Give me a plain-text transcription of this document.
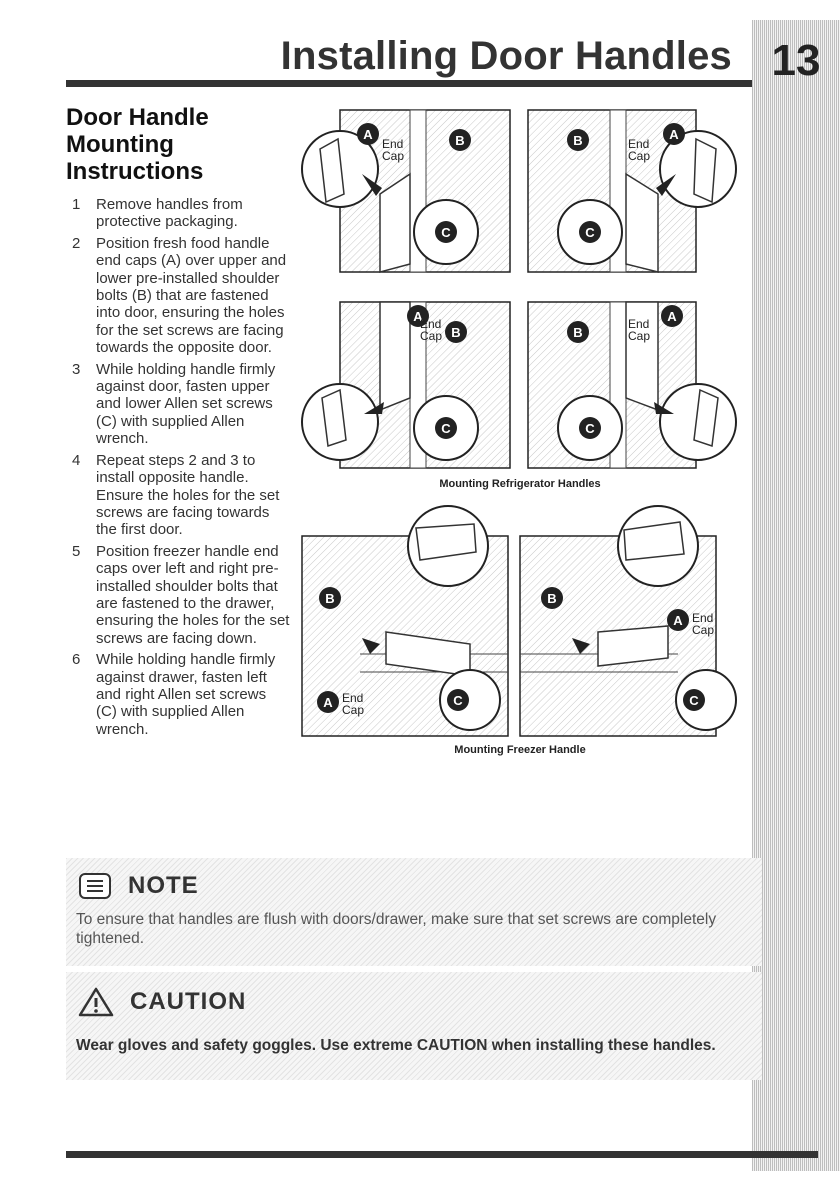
Installing Door Handles 13
Door Handle
Mounting
Instructions
1	Remove handles from protective packaging.
2	Position fresh food handle end caps (A) over upper and lower pre-installed shoulder bolts (B) that are fastened into door, ensuring the holes for the set screws are facing towards the opposite door.
3	While holding handle firmly against door, fasten upper and lower Allen set screws (C) with supplied Allen wrench.
4	Repeat steps 2 and 3 to install opposite handle. Ensure the holes for the set screws are facing towards the first door.
5	Position freezer handle end caps over left and right pre-installed shoulder bolts that are fastened to the drawer, ensuring the holes for the set screws are facing down.
6	While holding handle firmly against drawer, fasten left and right Allen set screws (C) with supplied Allen wrench.
A	B
C
End
Cap
A
B
C
End
Cap
A
B
C
End
Cap
A
B
C
End
Cap
Mounting Refrigerator Handles
B
A	C
End
Cap
B
A
C
End
Cap
Mounting Freezer Handle
NOTE
To ensure that handles are flush with doors/drawer, make sure that set screws are completely tightened.
CAUTION
Wear gloves and safety goggles. Use extreme CAUTION when installing these handles.
